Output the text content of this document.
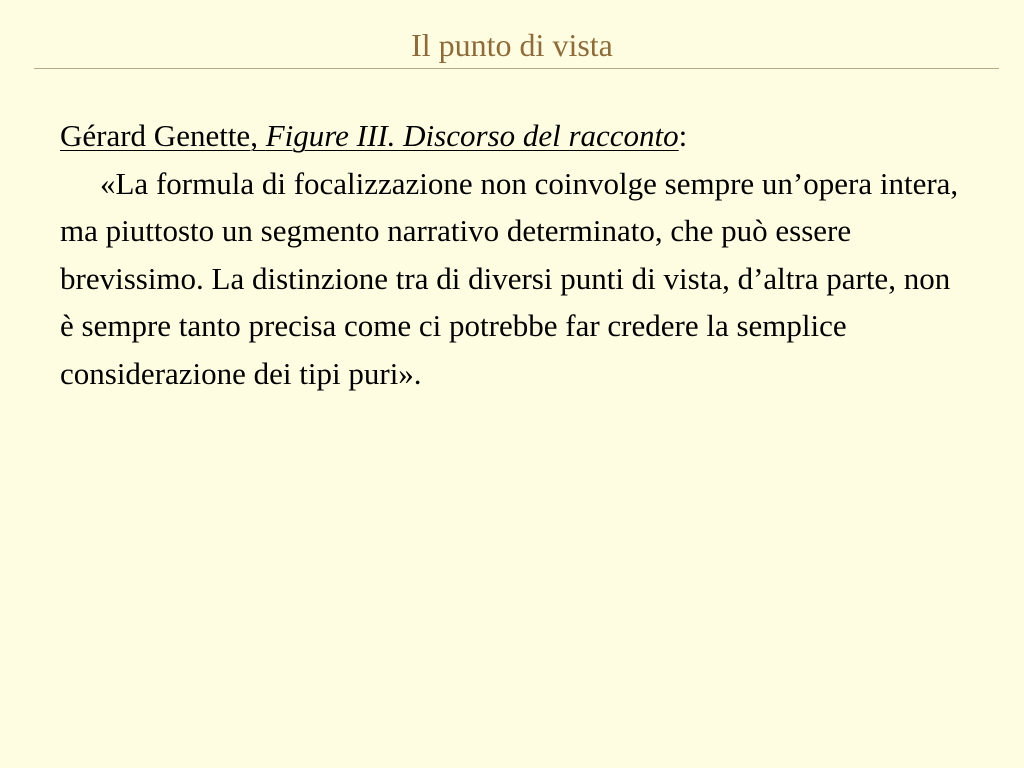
Il punto di vista

Gérard Genette, Figure III. Discorso del racconto:

«La formula di focalizzazione non coinvolge sempre un’opera intera, ma piuttosto un segmento narrativo determinato, che può essere brevissimo. La distinzione tra di diversi punti di vista, d’altra parte, non è sempre tanto precisa come ci potrebbe far credere la semplice considerazione dei tipi puri».
